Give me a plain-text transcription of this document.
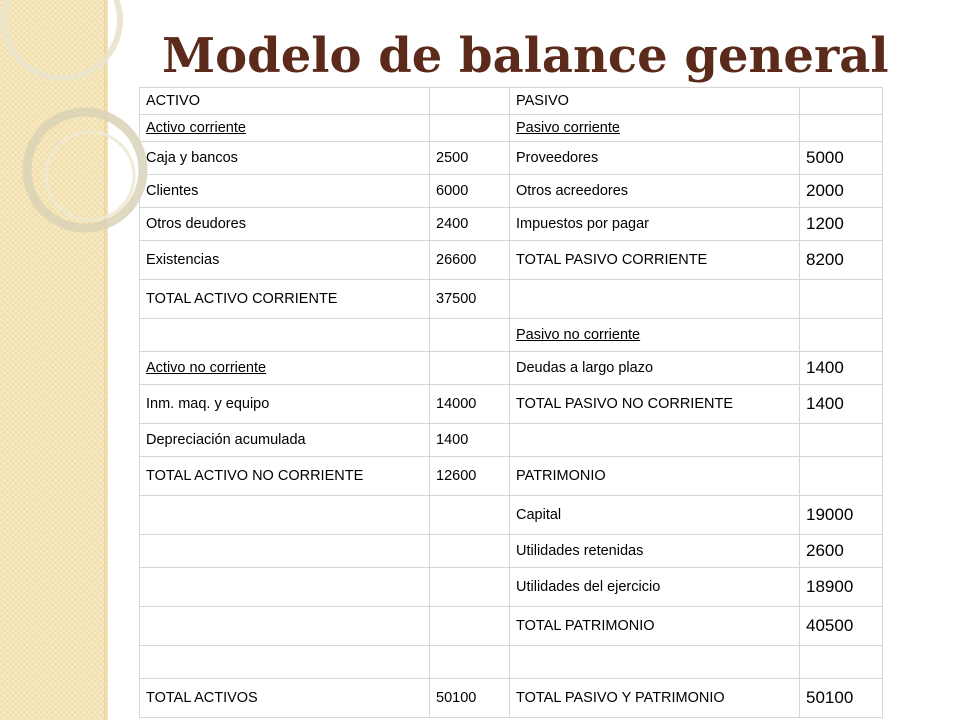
Modelo de balance general
ACTIVO		PASIVO	
Activo corriente		Pasivo corriente	
Caja y bancos	2500	Proveedores	5000
Clientes	6000	Otros acreedores	2000
Otros deudores	2400	Impuestos por pagar	1200
Existencias	26600	TOTAL PASIVO CORRIENTE	8200
TOTAL ACTIVO CORRIENTE	37500		
		Pasivo no corriente	
Activo no corriente		Deudas a largo plazo	1400
Inm. maq. y equipo	14000	TOTAL PASIVO NO CORRIENTE	1400
Depreciación acumulada	1400		
TOTAL ACTIVO NO CORRIENTE	12600	PATRIMONIO	
		Capital	19000
		Utilidades retenidas	2600
		Utilidades del ejercicio	18900
		TOTAL PATRIMONIO	40500

TOTAL ACTIVOS	50100	TOTAL PASIVO Y PATRIMONIO	50100
